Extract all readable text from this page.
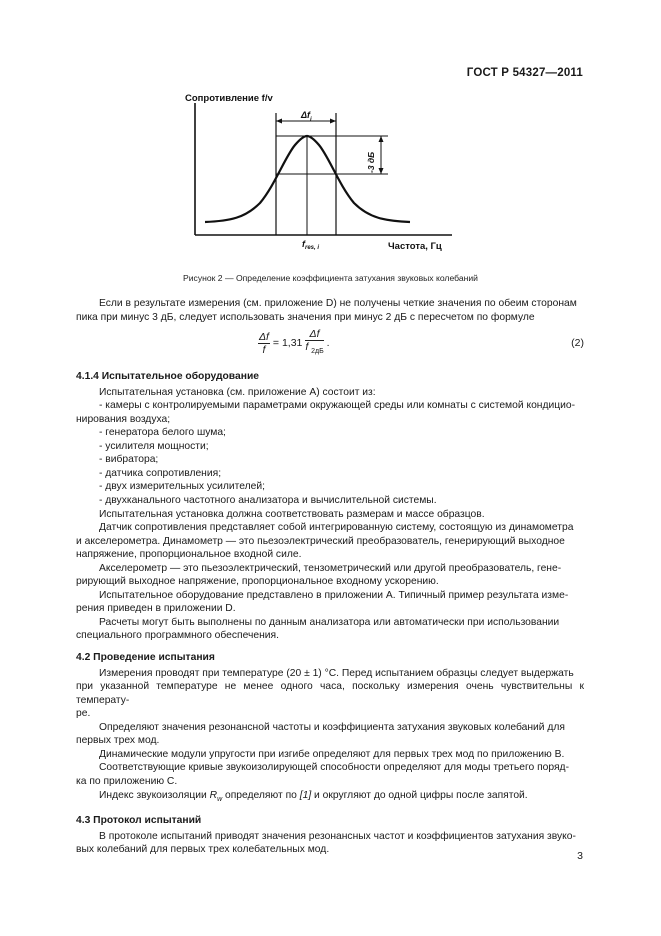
ГОСТ Р 54327—2011
Сопротивление f/v
$\Delta f_i$
-3 дБ
$f_{res, i}$	Частота, Гц
Рисунок 2 — Определение коэффициента затухания звуковых колебаний

Если в результате измерения (см. приложение D) не получены четкие значения по обеим сторонам

пика при минус 3 дБ, следует использовать значения при минус 2 дБ с пересчетом по формуле

$\frac{\Delta f}{f} = 1,31 \frac{\Delta f}{f _{2дБ}}$ .	(2)

4.1.4 Испытательное оборудование

Испытательная установка (см. приложение A) состоит из:

- камеры с контролируемыми параметрами окружающей среды или комнаты с системой кондицио-

нирования воздуха;

- генератора белого шума;

- усилителя мощности;

- вибратора;

- датчика сопротивления;

- двух измерительных усилителей;

- двухканального частотного анализатора и вычислительной системы.

Испытательная установка должна соответствовать размерам и массе образцов.

Датчик сопротивления представляет собой интегрированную систему, состоящую из динамометра

и акселерометра. Динамометр — это пьезоэлектрический преобразователь, генерирующий выходное

напряжение, пропорциональное входной силе.

Акселерометр — это пьезоэлектрический, тензометрический или другой преобразователь, гене-

рирующий выходное напряжение, пропорциональное входному ускорению.

Испытательное оборудование представлено в приложении A. Типичный пример результата изме-

рения приведен в приложении D.

Расчеты могут быть выполнены по данным анализатора или автоматически при использовании

специального программного обеспечения.

4.2 Проведение испытания

Измерения проводят при температуре (20 ± 1) °С. Перед испытанием образцы следует выдержать

при указанной температуре не менее одного часа, поскольку измерения очень чувствительны к температу-

ре.

Определяют значения резонансной частоты и коэффициента затухания звуковых колебаний для

первых трех мод.

Динамические модули упругости при изгибе определяют для первых трех мод по приложению B.

Соответствующие кривые звукоизолирующей способности определяют для моды третьего поряд-

ка по приложению C.

Индекс звукоизоляции $R_w$ определяют по [1] и округляют до одной цифры после запятой.

4.3 Протокол испытаний

В протоколе испытаний приводят значения резонансных частот и коэффициентов затухания звуко-

вых колебаний для первых трех колебательных мод.

3
